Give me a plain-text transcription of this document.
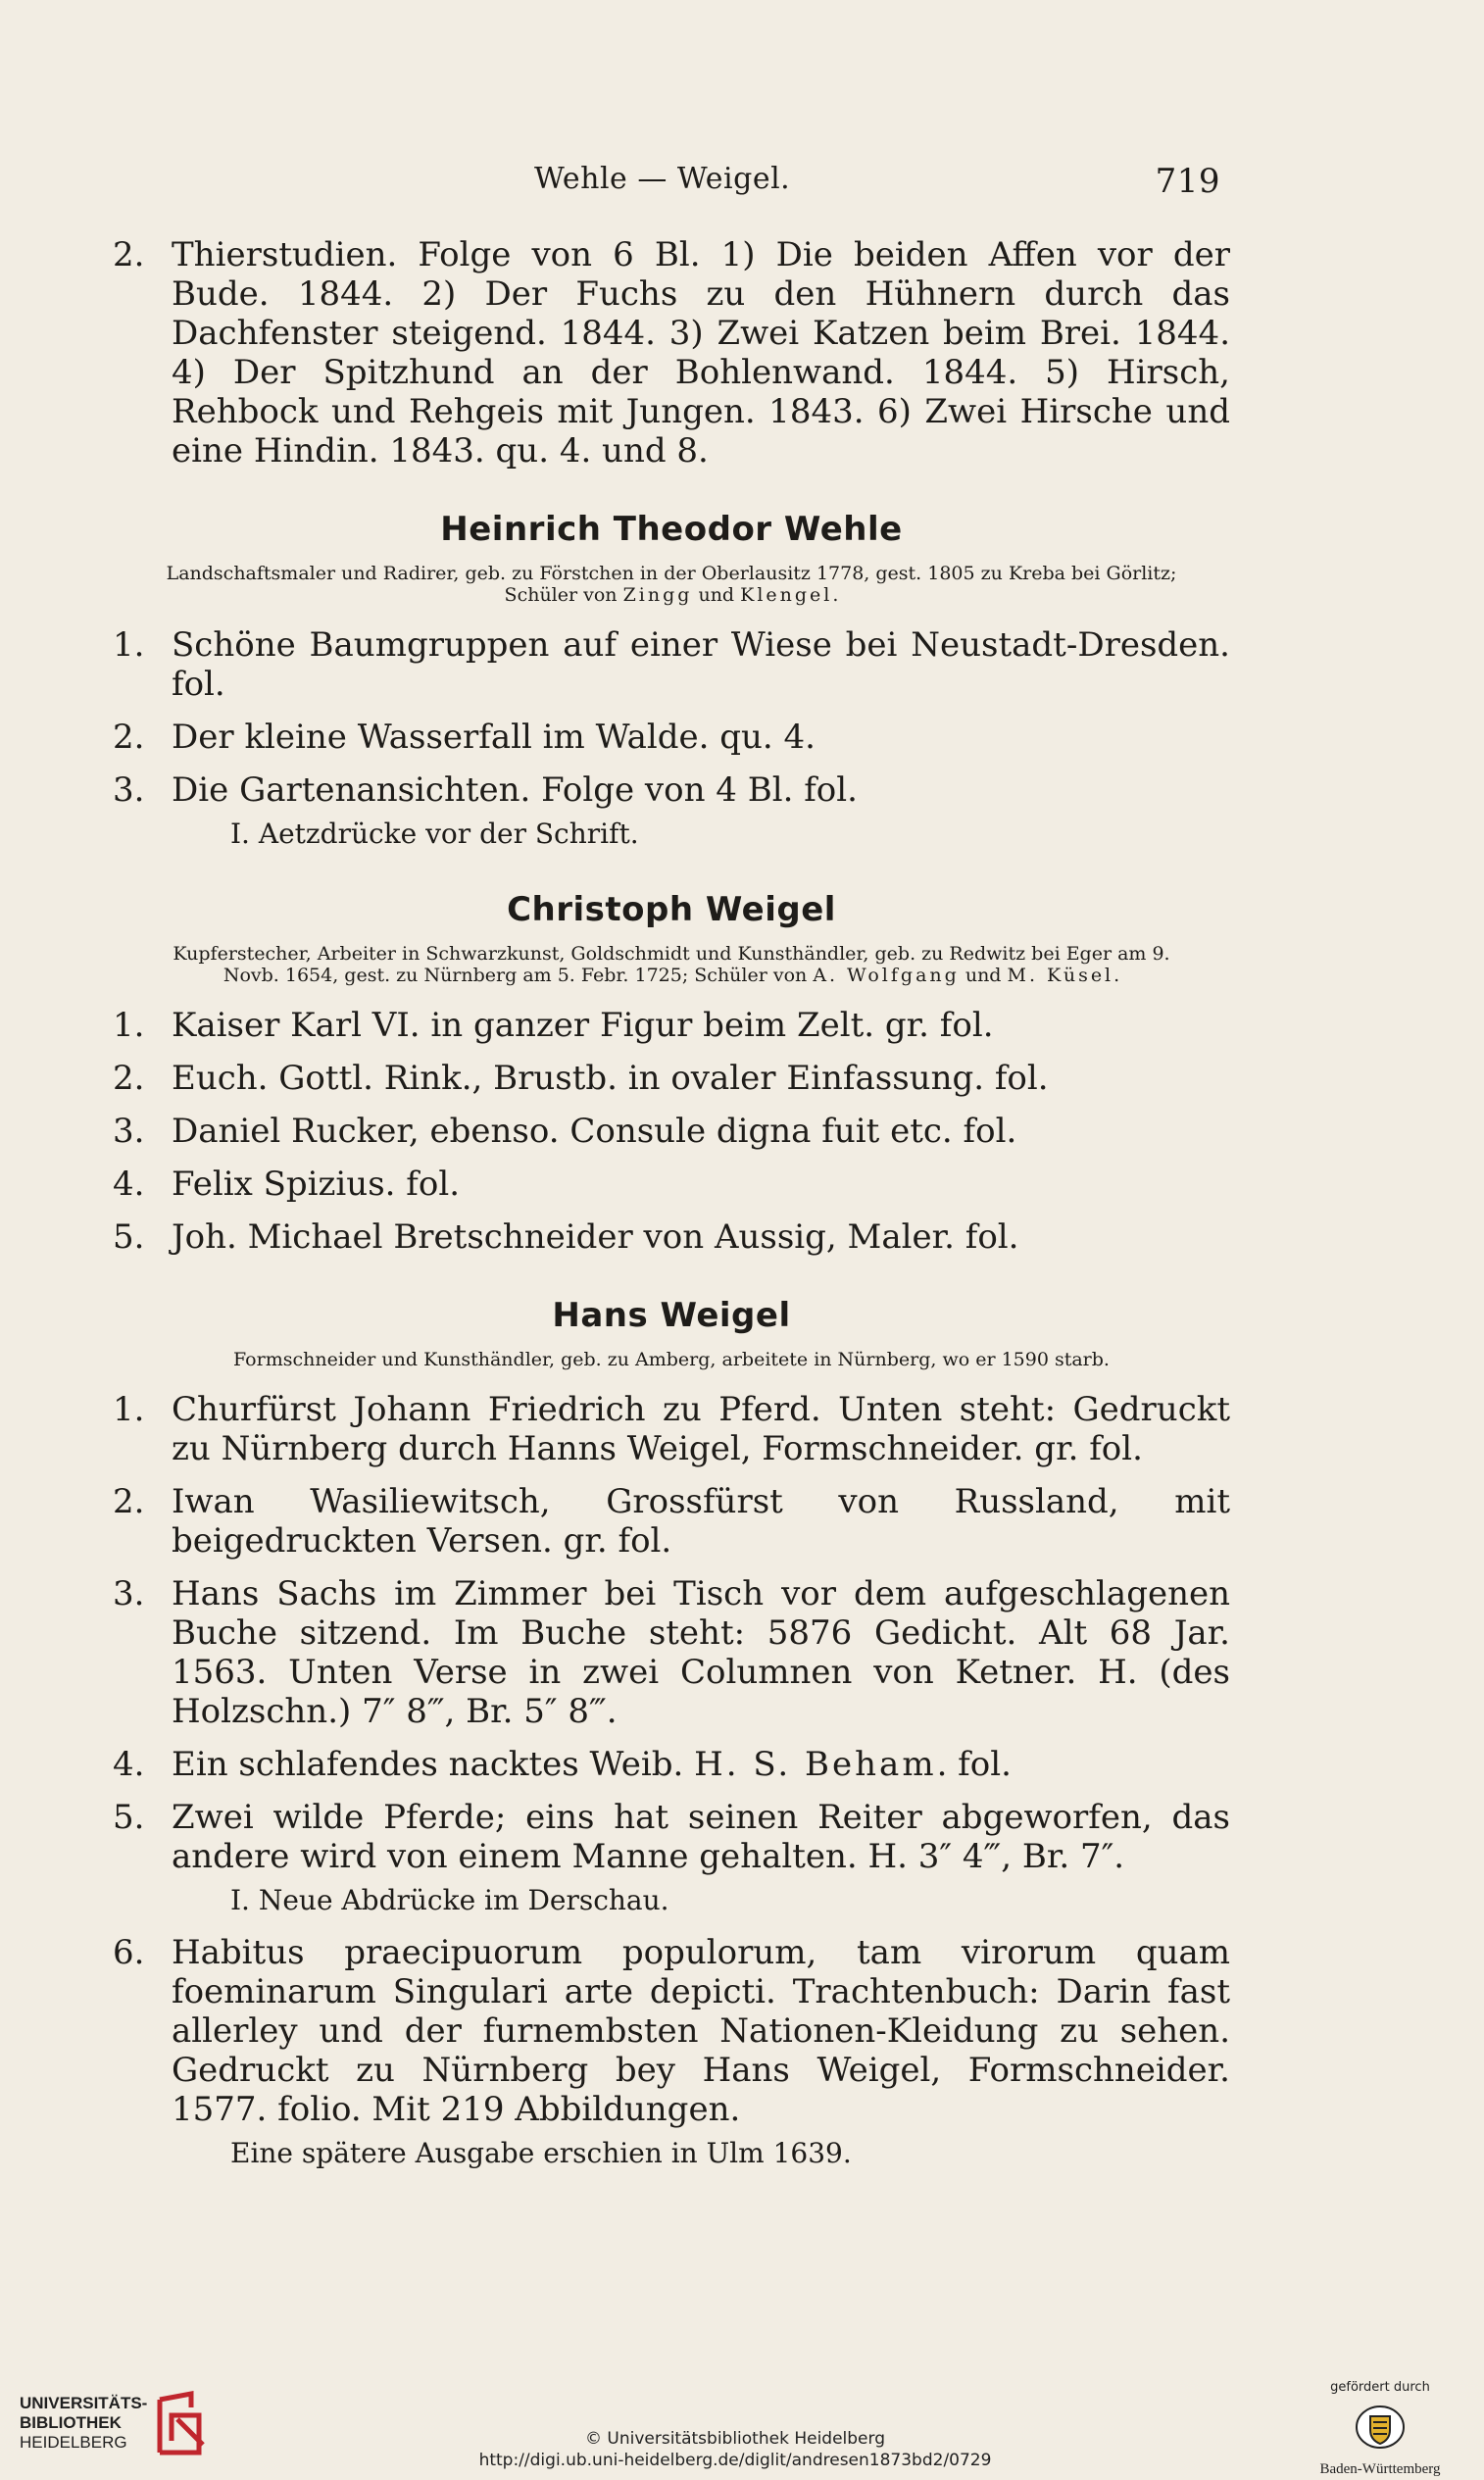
Wehle — Weigel.	719
2. Thierstudien. Folge von 6 Bl. 1) Die beiden Affen vor der Bude. 1844. 2) Der Fuchs zu den Hühnern durch das Dachfenster steigend. 1844. 3) Zwei Katzen beim Brei. 1844. 4) Der Spitzhund an der Bohlenwand. 1844. 5) Hirsch, Rehbock und Rehgeis mit Jungen. 1843. 6) Zwei Hirsche und eine Hindin. 1843. qu. 4. und 8.
Heinrich Theodor Wehle
Landschaftsmaler und Radirer, geb. zu Förstchen in der Oberlausitz 1778, gest. 1805 zu Kreba bei Görlitz; Schüler von Zingg und Klengel.
1. Schöne Baumgruppen auf einer Wiese bei Neustadt-Dresden. fol.
2. Der kleine Wasserfall im Walde. qu. 4.
3. Die Gartenansichten. Folge von 4 Bl. fol.
I. Aetzdrücke vor der Schrift.
Christoph Weigel
Kupferstecher, Arbeiter in Schwarzkunst, Goldschmidt und Kunsthändler, geb. zu Redwitz bei Eger am 9. Novb. 1654, gest. zu Nürnberg am 5. Febr. 1725; Schüler von A. Wolfgang und M. Küsel.
1. Kaiser Karl VI. in ganzer Figur beim Zelt. gr. fol.
2. Euch. Gottl. Rink., Brustb. in ovaler Einfassung. fol.
3. Daniel Rucker, ebenso. Consule digna fuit etc. fol.
4. Felix Spizius. fol.
5. Joh. Michael Bretschneider von Aussig, Maler. fol.
Hans Weigel
Formschneider und Kunsthändler, geb. zu Amberg, arbeitete in Nürnberg, wo er 1590 starb.
1. Churfürst Johann Friedrich zu Pferd. Unten steht: Gedruckt zu Nürnberg durch Hanns Weigel, Formschneider. gr. fol.
2. Iwan Wasiliewitsch, Grossfürst von Russland, mit beigedruckten Versen. gr. fol.
3. Hans Sachs im Zimmer bei Tisch vor dem aufgeschlagenen Buche sitzend. Im Buche steht: 5876 Gedicht. Alt 68 Jar. 1563. Unten Verse in zwei Columnen von Ketner. H. (des Holzschn.) 7″ 8‴, Br. 5″ 8‴.
4. Ein schlafendes nacktes Weib. H. S. Beham. fol.
5. Zwei wilde Pferde; eins hat seinen Reiter abgeworfen, das andere wird von einem Manne gehalten. H. 3″ 4‴, Br. 7″.
I. Neue Abdrücke im Derschau.
6. Habitus praecipuorum populorum, tam virorum quam foeminarum Singulari arte depicti. Trachtenbuch: Darin fast allerley und der furnembsten Nationen-Kleidung zu sehen. Gedruckt zu Nürnberg bey Hans Weigel, Formschneider. 1577. folio. Mit 219 Abbildungen.
Eine spätere Ausgabe erschien in Ulm 1639.
UNIVERSITÄTS-
BIBLIOTHEK
HEIDELBERG	© Universitätsbibliothek Heidelberg
http://digi.ub.uni-heidelberg.de/diglit/andresen1873bd2/0729
gefördert durch
Baden-Württemberg
